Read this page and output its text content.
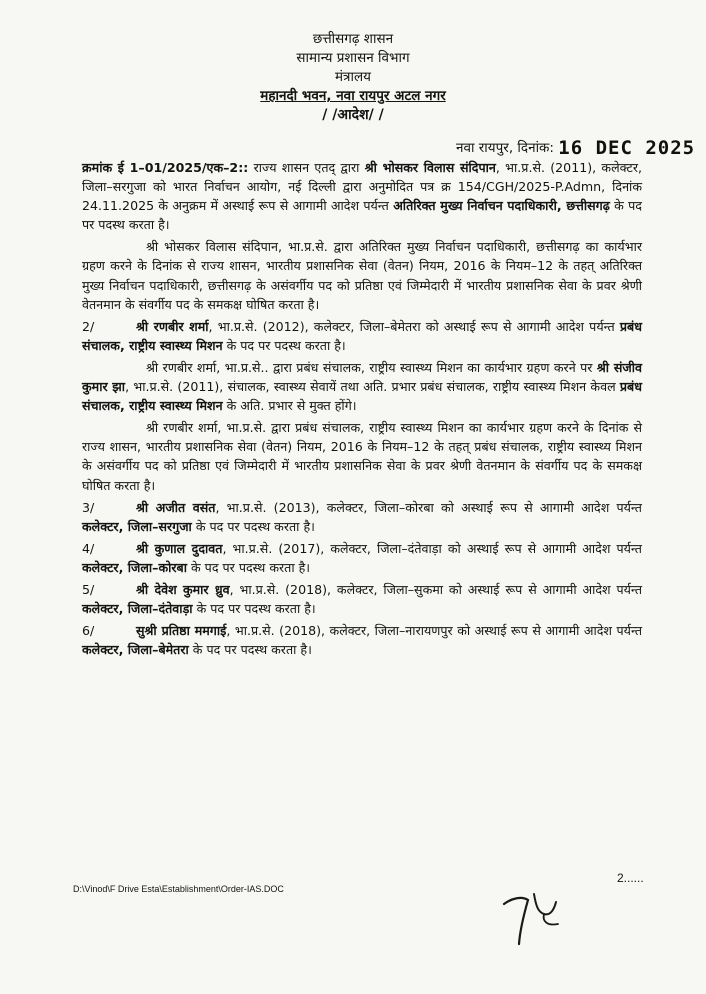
छत्तीसगढ़ शासन
सामान्य प्रशासन विभाग
मंत्रालय
महानदी भवन, नवा रायपुर अटल नगर
/ /आदेश/ /
नवा रायपुर, दिनांक: 16 DEC 2025

क्रमांक ई 1–01/2025/एक–2:: राज्य शासन एतद् द्वारा श्री भोसकर विलास संदिपान, भा.प्र.से. (2011), कलेक्टर, जिला–सरगुजा को भारत निर्वाचन आयोग, नई दिल्ली द्वारा अनुमोदित पत्र क्र 154/CGH/2025-P.Admn, दिनांक 24.11.2025 के अनुक्रम में अस्थाई रूप से आगामी आदेश पर्यन्त अतिरिक्त मुख्य निर्वाचन पदाधिकारी, छत्तीसगढ़ के पद पर पदस्थ करता है।

श्री भोसकर विलास संदिपान, भा.प्र.से. द्वारा अतिरिक्त मुख्य निर्वाचन पदाधिकारी, छत्तीसगढ़ का कार्यभार ग्रहण करने के दिनांक से राज्य शासन, भारतीय प्रशासनिक सेवा (वेतन) नियम, 2016 के नियम–12 के तहत् अतिरिक्त मुख्य निर्वाचन पदाधिकारी, छत्तीसगढ़ के असंवर्गीय पद को प्रतिष्ठा एवं जिम्मेदारी में भारतीय प्रशासनिक सेवा के प्रवर श्रेणी वेतनमान के संवर्गीय पद के समकक्ष घोषित करता है।

2/	श्री रणबीर शर्मा, भा.प्र.से. (2012), कलेक्टर, जिला–बेमेतरा को अस्थाई रूप से आगामी आदेश पर्यन्त प्रबंध संचालक, राष्ट्रीय स्वास्थ्य मिशन के पद पर पदस्थ करता है।

श्री रणबीर शर्मा, भा.प्र.से.. द्वारा प्रबंध संचालक, राष्ट्रीय स्वास्थ्य मिशन का कार्यभार ग्रहण करने पर श्री संजीव कुमार झा, भा.प्र.से. (2011), संचालक, स्वास्थ्य सेवायें तथा अति. प्रभार प्रबंध संचालक, राष्ट्रीय स्वास्थ्य मिशन केवल प्रबंध संचालक, राष्ट्रीय स्वास्थ्य मिशन के अति. प्रभार से मुक्त होंगे।

श्री रणबीर शर्मा, भा.प्र.से. द्वारा प्रबंध संचालक, राष्ट्रीय स्वास्थ्य मिशन का कार्यभार ग्रहण करने के दिनांक से राज्य शासन, भारतीय प्रशासनिक सेवा (वेतन) नियम, 2016 के नियम–12 के तहत् प्रबंध संचालक, राष्ट्रीय स्वास्थ्य मिशन के असंवर्गीय पद को प्रतिष्ठा एवं जिम्मेदारी में भारतीय प्रशासनिक सेवा के प्रवर श्रेणी वेतनमान के संवर्गीय पद के समकक्ष घोषित करता है।

3/	श्री अजीत वसंत, भा.प्र.से. (2013), कलेक्टर, जिला–कोरबा को अस्थाई रूप से आगामी आदेश पर्यन्त कलेक्टर, जिला–सरगुजा के पद पर पदस्थ करता है।

4/	श्री कुणाल दुदावत, भा.प्र.से. (2017), कलेक्टर, जिला–दंतेवाड़ा को अस्थाई रूप से आगामी आदेश पर्यन्त कलेक्टर, जिला–कोरबा के पद पर पदस्थ करता है।

5/	श्री देवेश कुमार ध्रुव, भा.प्र.से. (2018), कलेक्टर, जिला–सुकमा को अस्थाई रूप से आगामी आदेश पर्यन्त कलेक्टर, जिला–दंतेवाड़ा के पद पर पदस्थ करता है।

6/	सुश्री प्रतिष्ठा ममगाई, भा.प्र.से. (2018), कलेक्टर, जिला–नारायणपुर को अस्थाई रूप से आगामी आदेश पर्यन्त कलेक्टर, जिला–बेमेतरा के पद पर पदस्थ करता है।

2......
D:\Vinod\F Drive Esta\Establishment\Order-IAS.DOC
